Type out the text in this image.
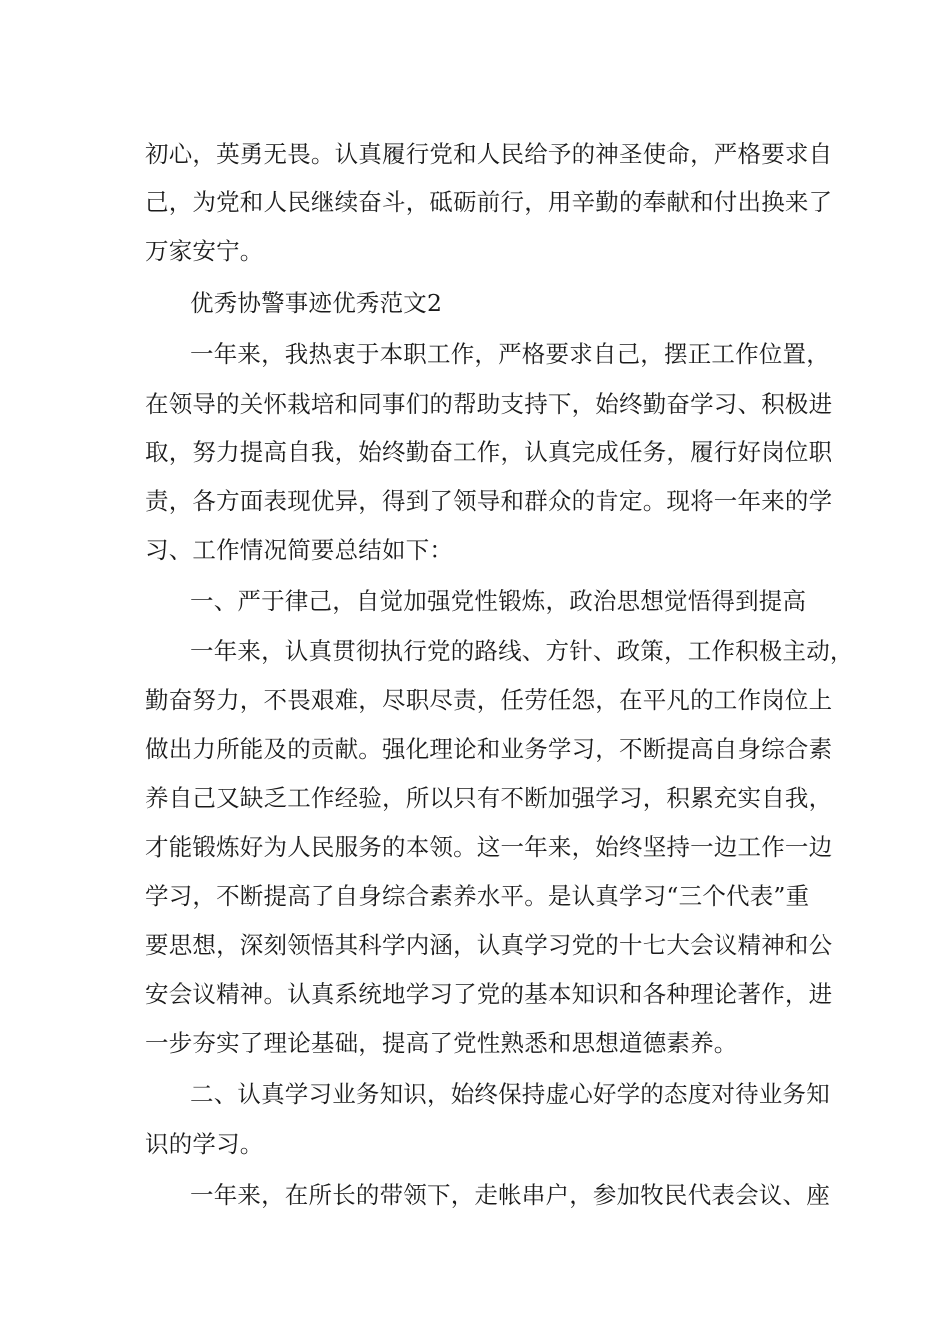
初心，英勇无畏。认真履行党和人民给予的神圣使命，严格要求自
己，为党和人民继续奋斗，砥砺前行，用辛勤的奉献和付出换来了
万家安宁。
优秀协警事迹优秀范文2
一年来，我热衷于本职工作，严格要求自己，摆正工作位置，
在领导的关怀栽培和同事们的帮助支持下，始终勤奋学习、积极进
取，努力提高自我，始终勤奋工作，认真完成任务，履行好岗位职
责，各方面表现优异，得到了领导和群众的肯定。现将一年来的学
习、工作情况简要总结如下：
一、严于律己，自觉加强党性锻炼，政治思想觉悟得到提高
一年来，认真贯彻执行党的路线、方针、政策，工作积极主动，
勤奋努力，不畏艰难，尽职尽责，任劳任怨，在平凡的工作岗位上
做出力所能及的贡献。强化理论和业务学习，不断提高自身综合素
养自己又缺乏工作经验，所以只有不断加强学习，积累充实自我，
才能锻炼好为人民服务的本领。这一年来，始终坚持一边工作一边
学习，不断提高了自身综合素养水平。是认真学习“三个代表”重
要思想，深刻领悟其科学内涵，认真学习党的十七大会议精神和公
安会议精神。认真系统地学习了党的基本知识和各种理论著作，进
一步夯实了理论基础，提高了党性熟悉和思想道德素养。
二、认真学习业务知识，始终保持虚心好学的态度对待业务知
识的学习。
一年来，在所长的带领下，走帐串户，参加牧民代表会议、座
